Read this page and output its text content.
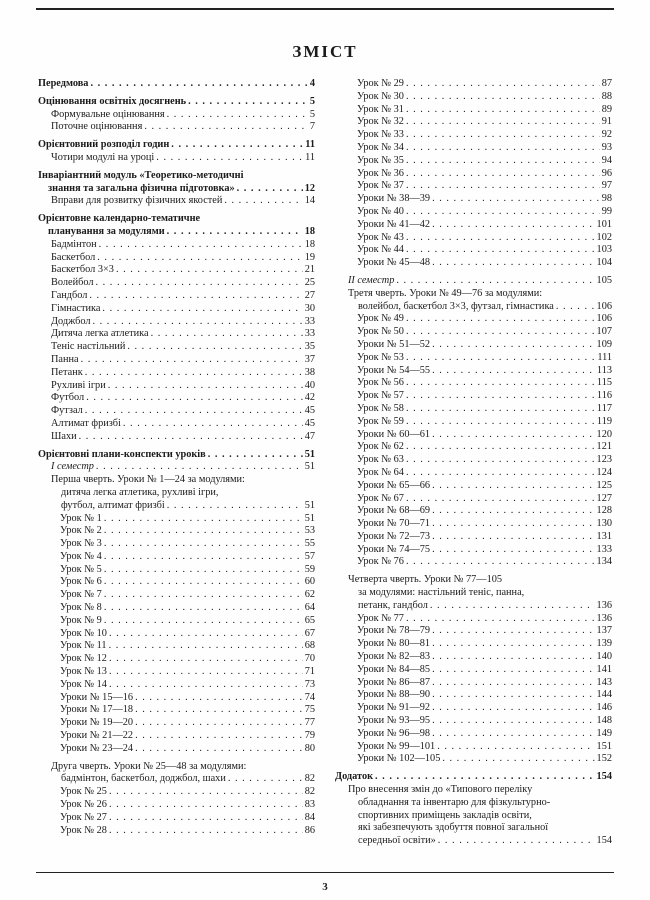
ЗМІСТ
Передмова . . .	4
Оцінювання освітніх досягнень . . .	5
Формувальне оцінювання . . .	5
Поточне оцінювання . . .	7
Орієнтовний розподіл годин . . .	11
Чотири модулі на уроці . . .	11
Інваріантний модуль «Теоретико-методичні
знання та загальна фізична підготовка» . . .	12
Вправи для розвитку фізичних якостей . . .	14
Орієнтовне календарно-тематичне
планування за модулями . . .	18
Бадмінтон . . .	18
Баскетбол . . .	19
Баскетбол 3×3 . . .	21
Волейбол . . .	25
Гандбол . . .	27
Гімнастика . . .	30
Доджбол . . .	33
Дитяча легка атлетика . . .	33
Теніс настільний . . .	35
Панна . . .	37
Петанк . . .	38
Рухливі ігри . . .	40
Футбол . . .	42
Футзал . . .	45
Алтимат фризбі . . .	45
Шахи . . .	47
Орієнтовні плани-конспекти уроків . . .	51
І семестр . . .	51
Перша чверть. Уроки № 1—24 за модулями:
дитяча легка атлетика, рухливі ігри,
футбол, алтимат фризбі . . .	51
Урок № 1 . . .	51
Урок № 2 . . .	53
Урок № 3 . . .	55
Урок № 4 . . .	57
Урок № 5 . . .	59
Урок № 6 . . .	60
Урок № 7 . . .	62
Урок № 8 . . .	64
Урок № 9 . . .	65
Урок № 10 . . .	67
Урок № 11 . . .	68
Урок № 12 . . .	70
Урок № 13 . . .	71
Урок № 14 . . .	73
Уроки № 15—16 . . .	74
Уроки № 17—18 . . .	75
Уроки № 19—20 . . .	77
Уроки № 21—22 . . .	79
Уроки № 23—24 . . .	80
Друга чверть. Уроки № 25—48 за модулями:
бадмінтон, баскетбол, доджбол, шахи . . .	82
Урок № 25 . . .	82
Урок № 26 . . .	83
Урок № 27 . . .	84
Урок № 28 . . .	86
Урок № 29 . . .	87
Урок № 30 . . .	88
Урок № 31 . . .	89
Урок № 32 . . .	91
Урок № 33 . . .	92
Урок № 34 . . .	93
Урок № 35 . . .	94
Урок № 36 . . .	96
Урок № 37 . . .	97
Уроки № 38—39 . . .	98
Урок № 40 . . .	99
Уроки № 41—42 . . .	101
Урок № 43 . . .	102
Урок № 44 . . .	103
Уроки № 45—48 . . .	104
ІІ семестр . . .	105
Третя чверть. Уроки № 49—76 за модулями:
волейбол, баскетбол 3×3, футзал, гімнастика . . .	106
Урок № 49 . . .	106
Урок № 50 . . .	107
Уроки № 51—52 . . .	109
Урок № 53 . . .	111
Уроки № 54—55 . . .	113
Урок № 56 . . .	115
Урок № 57 . . .	116
Урок № 58 . . .	117
Урок № 59 . . .	119
Уроки № 60—61 . . .	120
Урок № 62 . . .	121
Урок № 63 . . .	123
Урок № 64 . . .	124
Уроки № 65—66 . . .	125
Урок № 67 . . .	127
Уроки № 68—69 . . .	128
Уроки № 70—71 . . .	130
Уроки № 72—73 . . .	131
Уроки № 74—75 . . .	133
Урок № 76 . . .	134
Четверта чверть. Уроки № 77—105
за модулями: настільний теніс, панна,
петанк, гандбол . . .	136
Урок № 77 . . .	136
Уроки № 78—79 . . .	137
Уроки № 80—81 . . .	139
Уроки № 82—83 . . .	140
Уроки № 84—85 . . .	141
Уроки № 86—87 . . .	143
Уроки № 88—90 . . .	144
Уроки № 91—92 . . .	146
Уроки № 93—95 . . .	148
Уроки № 96—98 . . .	149
Уроки № 99—101 . . .	151
Уроки № 102—105 . . .	152
Додаток . . .	154
Про внесення змін до «Типового переліку
обладнання та інвентарю для фізкультурно-
спортивних приміщень закладів освіти,
які забезпечують здобуття повної загальної
середньої освіти» . . .	154
3
